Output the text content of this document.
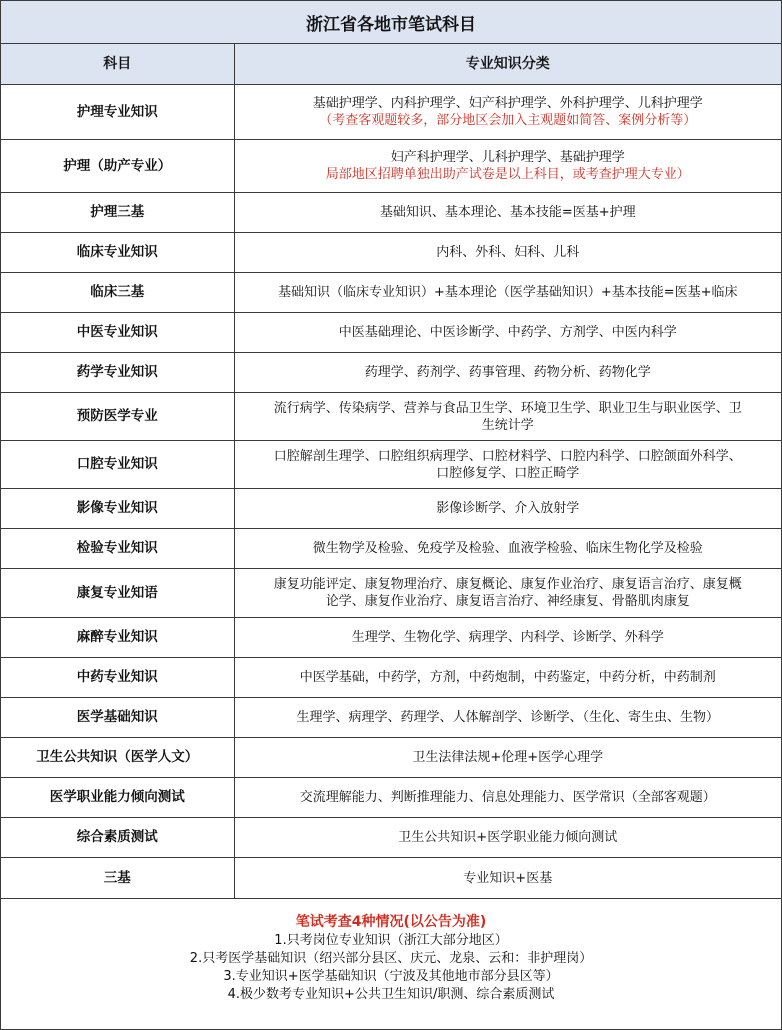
浙江省各地市笔试科目
科目	专业知识分类
护理专业知识	基础护理学、内科护理学、妇产科护理学、外科护理学、儿科护理学
（考查客观题较多，部分地区会加入主观题如简答、案例分析等）

护理（助产专业）	妇产科护理学、儿科护理学、基础护理学
局部地区招聘单独出助产试卷是以上科目，或考查护理大专业）

护理三基	基础知识、基本理论、基本技能=医基+护理

临床专业知识	内科、外科、妇科、儿科

临床三基	基础知识（临床专业知识）+基本理论（医学基础知识）+基本技能=医基+临床

中医专业知识	中医基础理论、中医诊断学、中药学、方剂学、中医内科学

药学专业知识	药理学、药剂学、药事管理、药物分析、药物化学

预防医学专业	流行病学、传染病学、营养与食品卫生学、环境卫生学、职业卫生与职业医学、卫
生统计学

口腔专业知识	口腔解剖生理学、口腔组织病理学、口腔材料学、口腔内科学、口腔颌面外科学、
口腔修复学、口腔正畸学

影像专业知识	影像诊断学、介入放射学

检验专业知识	微生物学及检验、免疫学及检验、血液学检验、临床生物化学及检验

康复专业知语	康复功能评定、康复物理治疗、康复概论、康复作业治疗、康复语言治疗、康复概
论学、康复作业治疗、康复语言治疗、神经康复、骨骼肌肉康复

麻醉专业知识	生理学、生物化学、病理学、内科学、诊断学、外科学

中药专业知识	中医学基础，中药学，方剂，中药炮制，中药鉴定，中药分析，中药制剂

医学基础知识	生理学、病理学、药理学、人体解剖学、诊断学、（生化、寄生虫、生物）

卫生公共知识（医学人文）	卫生法律法规+伦理+医学心理学

医学职业能力倾向测试	交流理解能力、判断推理能力、信息处理能力、医学常识（全部客观题）

综合素质测试	卫生公共知识+医学职业能力倾向测试

三基	专业知识+医基
笔试考查4种情况(以公告为准)
1.只考岗位专业知识（浙江大部分地区）
2.只考医学基础知识（绍兴部分县区、庆元、龙泉、云和：非护理岗）
3.专业知识+医学基础知识（宁波及其他地市部分县区等）
4.极少数考专业知识+公共卫生知识/职测、综合素质测试
